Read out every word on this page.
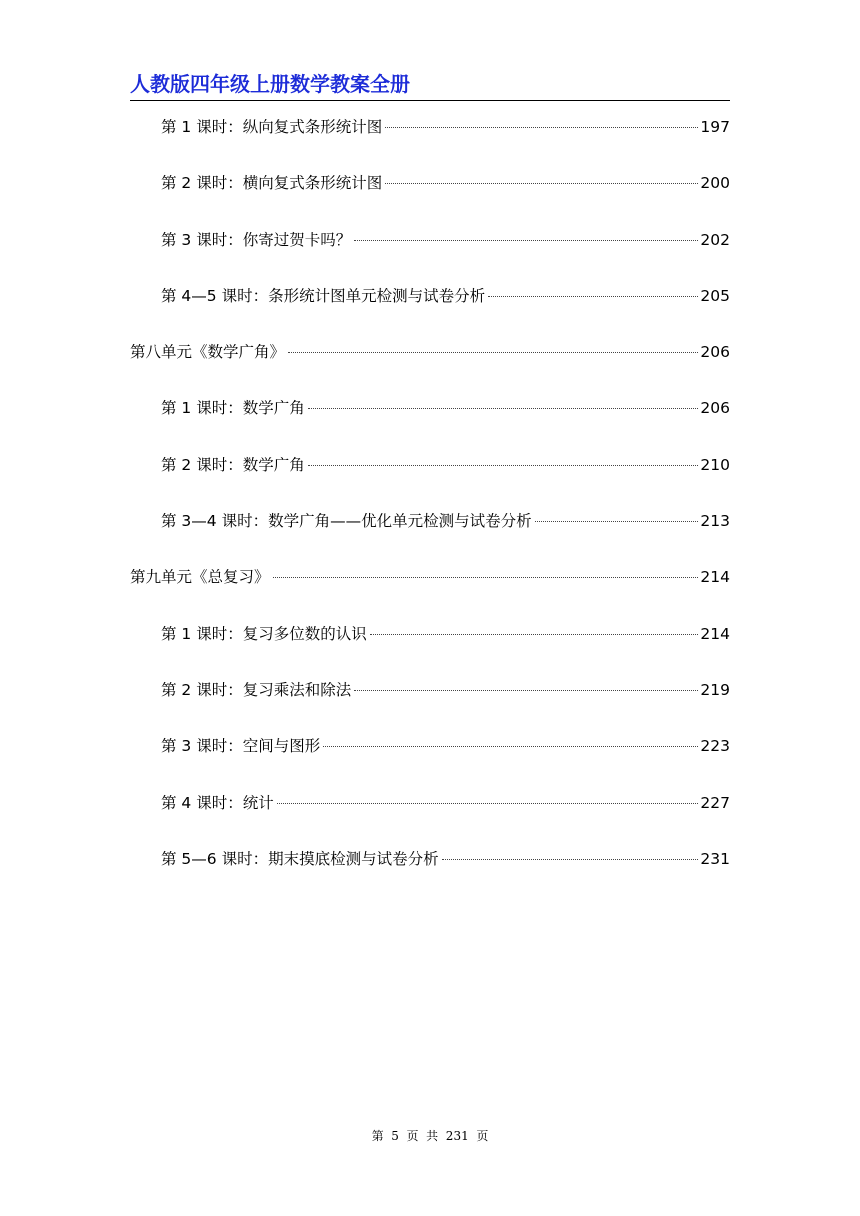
人教版四年级上册数学教案全册
第 1 课时：纵向复式条形统计图	197
第 2 课时：横向复式条形统计图	200
第 3 课时：你寄过贺卡吗？	202
第 4—5 课时：条形统计图单元检测与试卷分析	205
第八单元《数学广角》	206
第 1 课时：数学广角	206
第 2 课时：数学广角	210
第 3—4 课时：数学广角——优化单元检测与试卷分析	213
第九单元《总复习》	214
第 1 课时：复习多位数的认识	214
第 2 课时：复习乘法和除法	219
第 3 课时：空间与图形	223
第 4 课时：统计	227
第 5—6 课时：期末摸底检测与试卷分析	231
第  5  页  共  231  页
